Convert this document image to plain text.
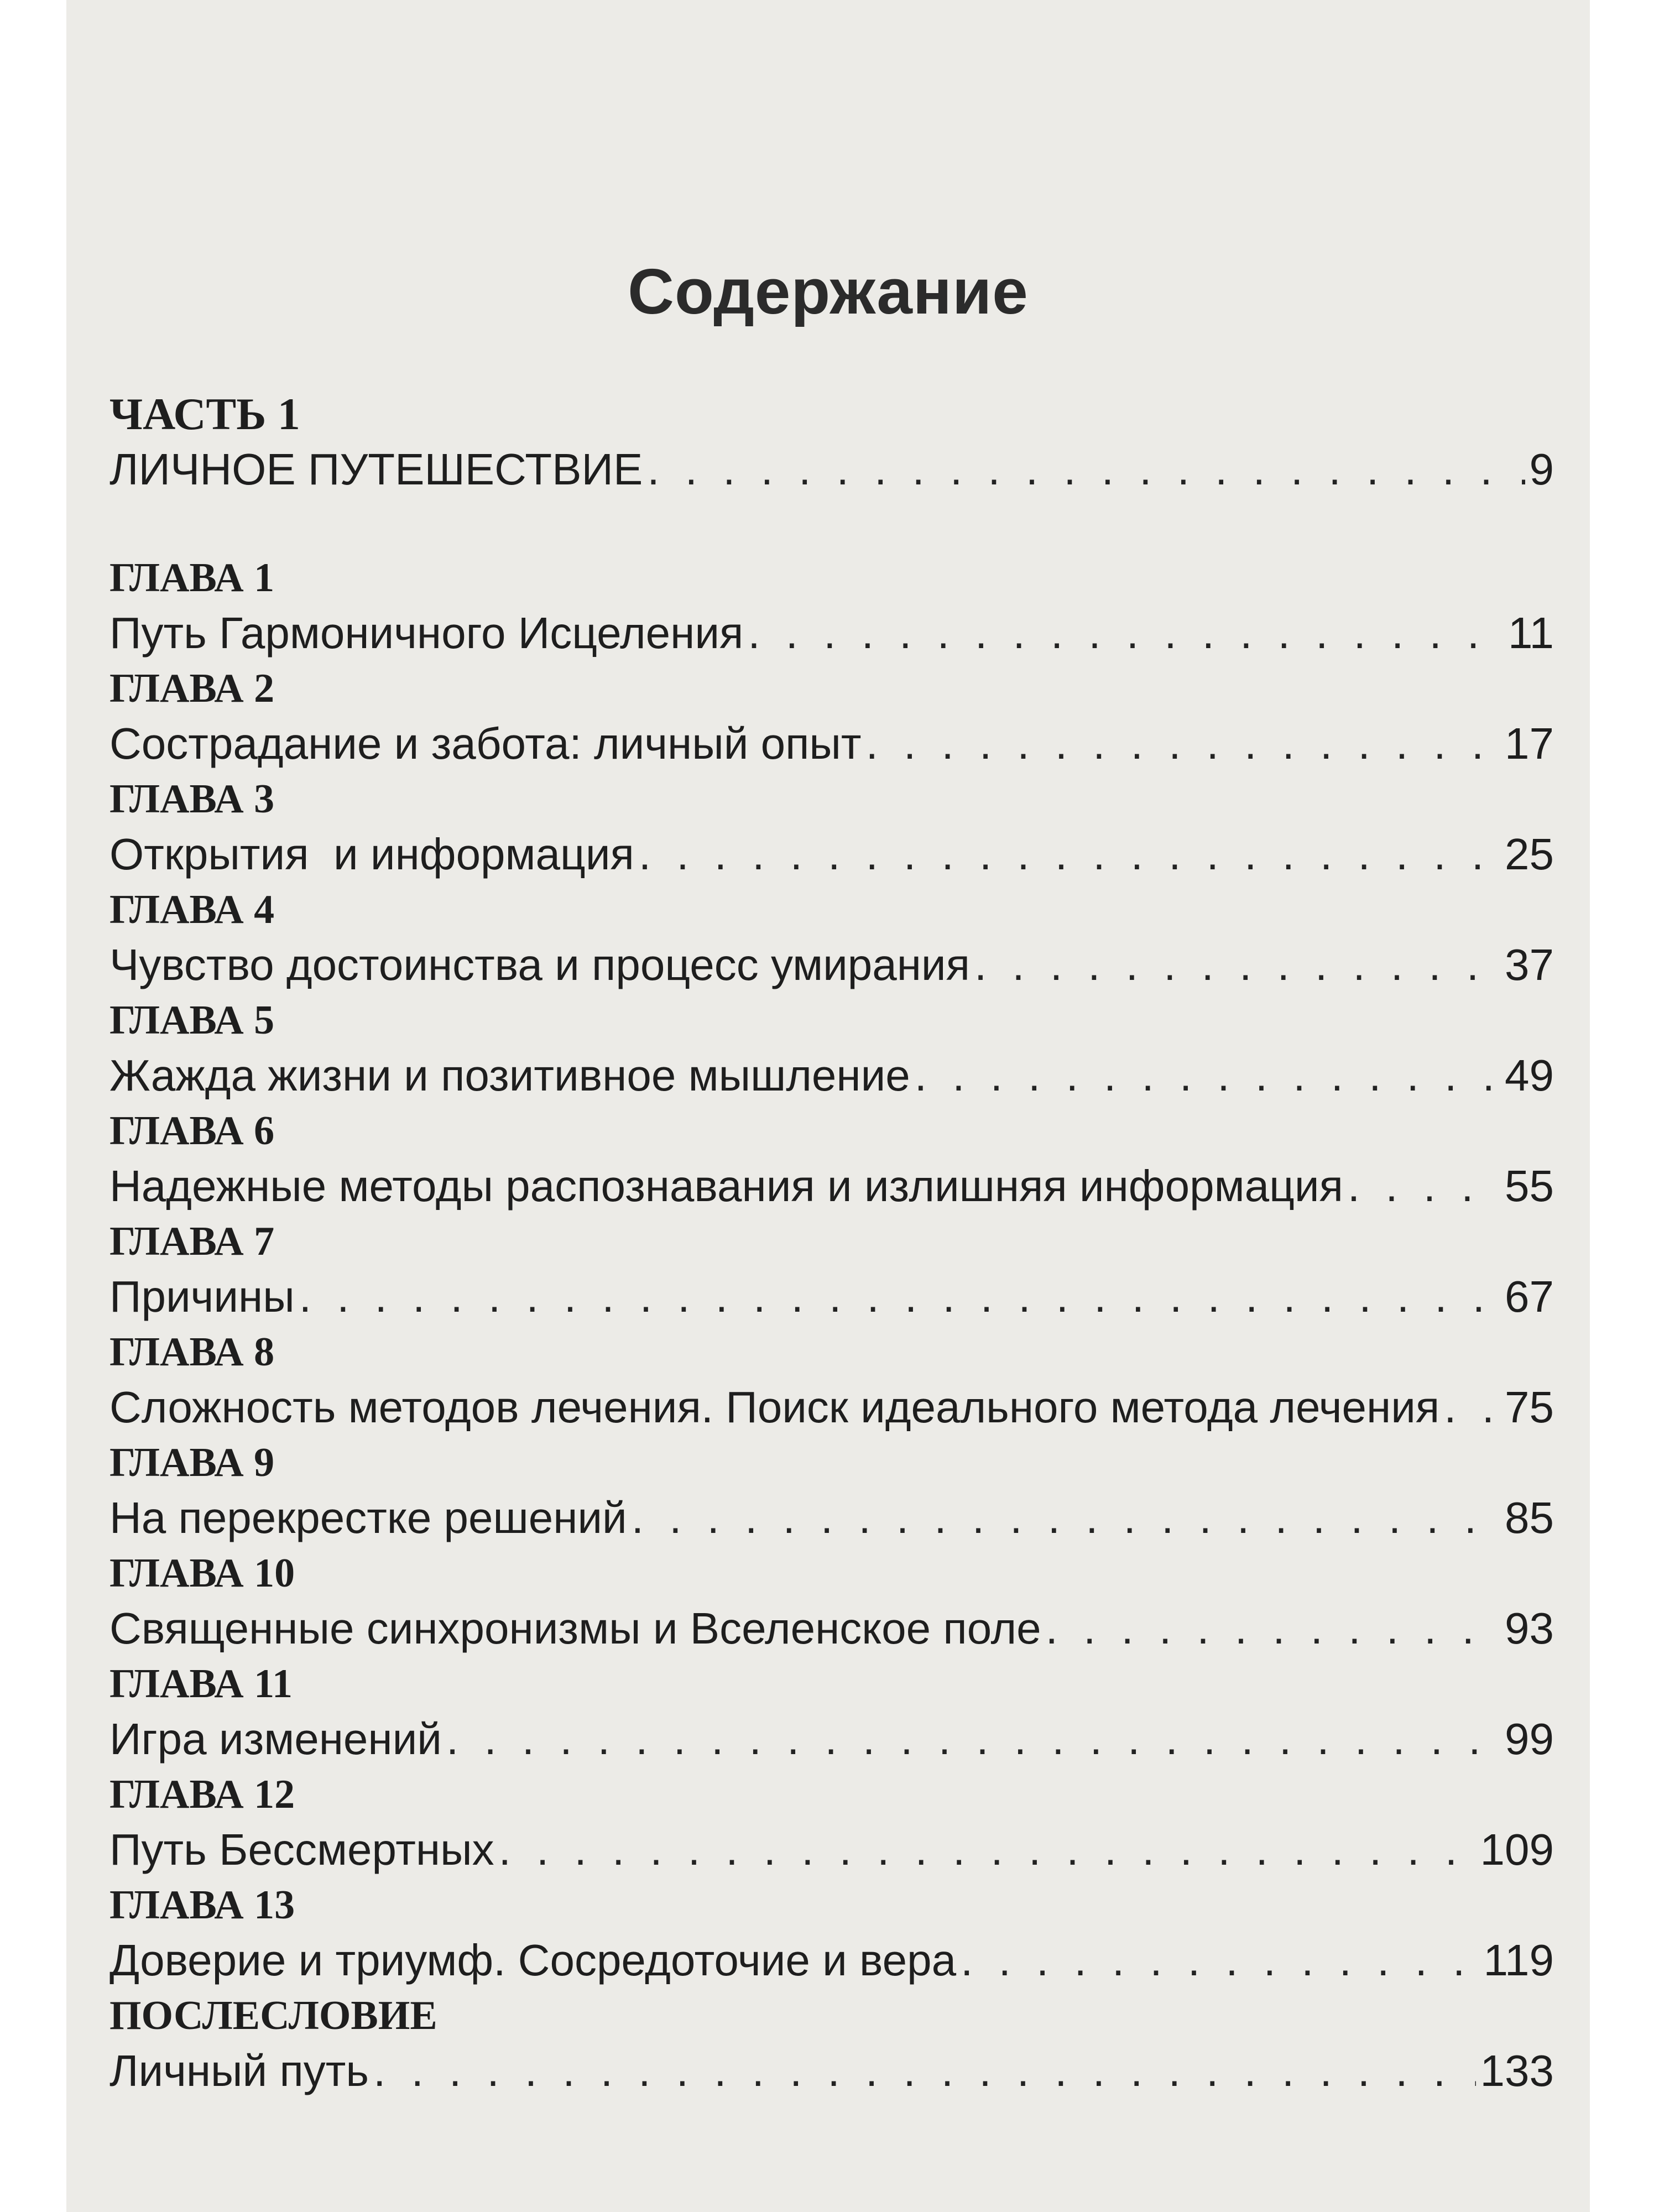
Содержание
ЧАСТЬ 1
ЛИЧНОЕ ПУТЕШЕСТВИЕ . . .	9
ГЛАВА 1
Путь Гармоничного Исцеления . . .	11
ГЛАВА 2
Сострадание и забота: личный опыт . . .	17
ГЛАВА 3
Открытия  и информация . . .	25
ГЛАВА 4
Чувство достоинства и процесс умирания . . .	37
ГЛАВА 5
Жажда жизни и позитивное мышление . . .	49
ГЛАВА 6
Надежные методы распознавания и излишняя информация . . .	55
ГЛАВА 7
Причины . . .	67
ГЛАВА 8
Сложность методов лечения. Поиск идеального метода лечения . . . 75
ГЛАВА 9
На перекрестке решений . . .	85
ГЛАВА 10
Священные синхронизмы и Вселенское поле . . .	93
ГЛАВА 11
Игра изменений . . .	99
ГЛАВА 12
Путь Бессмертных . . .	109
ГЛАВА 13
Доверие и триумф. Сосредоточие и вера . . .	119
ПОСЛЕСЛОВИЕ
Личный путь . . .	133
